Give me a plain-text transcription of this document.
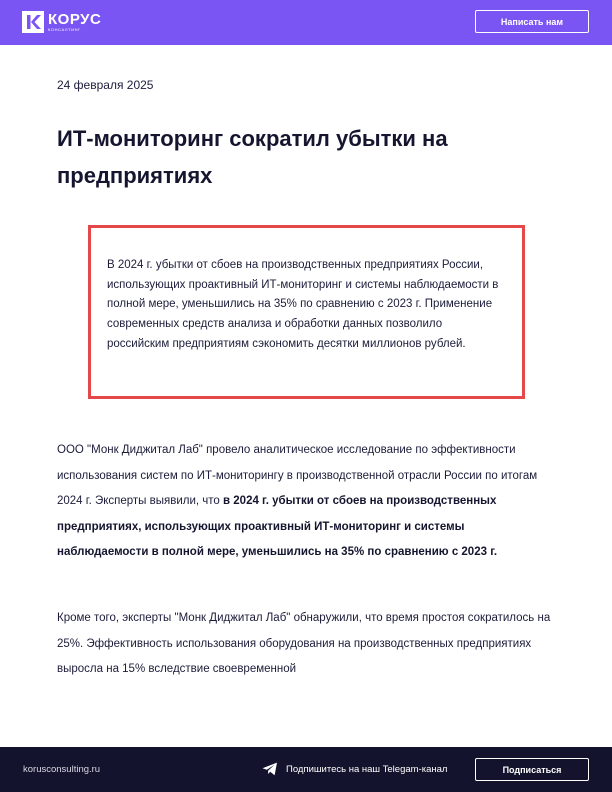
КОРУС
КОНСАЛТИНГ
Написать нам
24 февраля 2025
ИТ-мониторинг сократил убытки на предприятиях
В 2024 г. убытки от сбоев на производственных предприятиях России, использующих проактивный ИТ-мониторинг и системы наблюдаемости в полной мере, уменьшились на 35% по сравнению с 2023 г. Применение современных средств анализа и обработки данных позволило российским предприятиям сэкономить десятки миллионов рублей.
ООО "Монк Диджитал Лаб" провело аналитическое исследование по эффективности использования систем по ИТ-мониторингу в производственной отрасли России по итогам 2024 г. Эксперты выявили, что в 2024 г. убытки от сбоев на производственных предприятиях, использующих проактивный ИТ-мониторинг и системы наблюдаемости в полной мере, уменьшились на 35% по сравнению с 2023 г.
Кроме того, эксперты "Монк Диджитал Лаб" обнаружили, что время простоя сократилось на 25%. Эффективность использования оборудования на производственных предприятиях выросла на 15% вследствие своевременной
korusconsulting.ru	Подпишитесь на наш Telegam-канал	Подписаться
